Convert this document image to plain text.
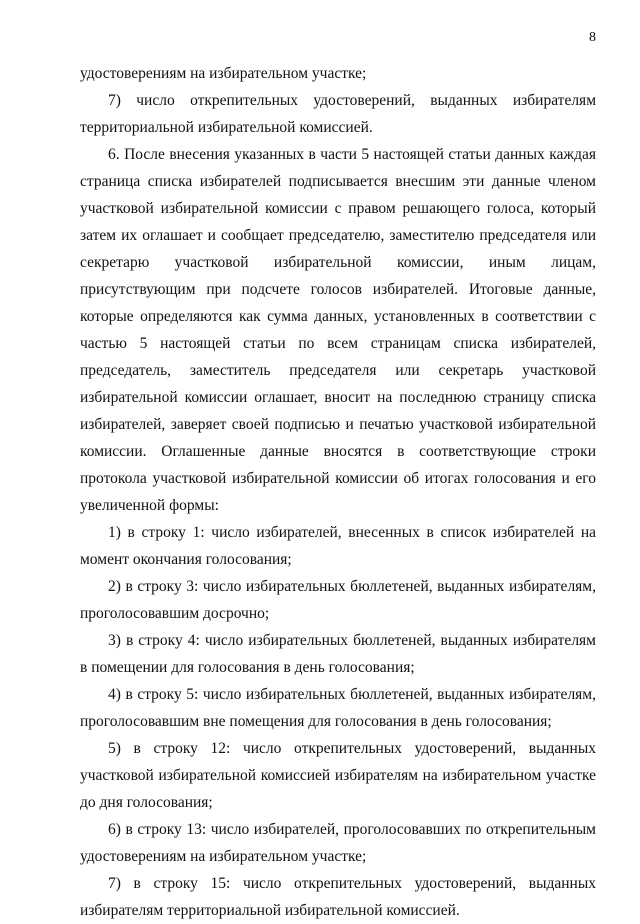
8

удостоверениям на избирательном участке;

7) число открепительных удостоверений, выданных избирателям территориальной избирательной комиссией.

6. После внесения указанных в части 5 настоящей статьи данных каждая страница списка избирателей подписывается внесшим эти данные членом участковой избирательной комиссии с правом решающего голоса, который затем их оглашает и сообщает председателю, заместителю председателя или секретарю участковой избирательной комиссии, иным лицам, присутствующим при подсчете голосов избирателей. Итоговые данные, которые определяются как сумма данных, установленных в соответствии с частью 5 настоящей статьи по всем страницам списка избирателей, председатель, заместитель председателя или секретарь участковой избирательной комиссии оглашает, вносит на последнюю страницу списка избирателей, заверяет своей подписью и печатью участковой избирательной комиссии. Оглашенные данные вносятся в соответствующие строки протокола участковой избирательной комиссии об итогах голосования и его увеличенной формы:

1) в строку 1: число избирателей, внесенных в список избирателей на момент окончания голосования;

2) в строку 3: число избирательных бюллетеней, выданных избирателям, проголосовавшим досрочно;

3) в строку 4: число избирательных бюллетеней, выданных избирателям в помещении для голосования в день голосования;

4) в строку 5: число избирательных бюллетеней, выданных избирателям, проголосовавшим вне помещения для голосования в день голосования;

5) в строку 12: число открепительных удостоверений, выданных участковой избирательной комиссией избирателям на избирательном участке до дня голосования;

6) в строку 13: число избирателей, проголосовавших по открепительным удостоверениям на избирательном участке;

7) в строку 15: число открепительных удостоверений, выданных избирателям территориальной избирательной комиссией.
